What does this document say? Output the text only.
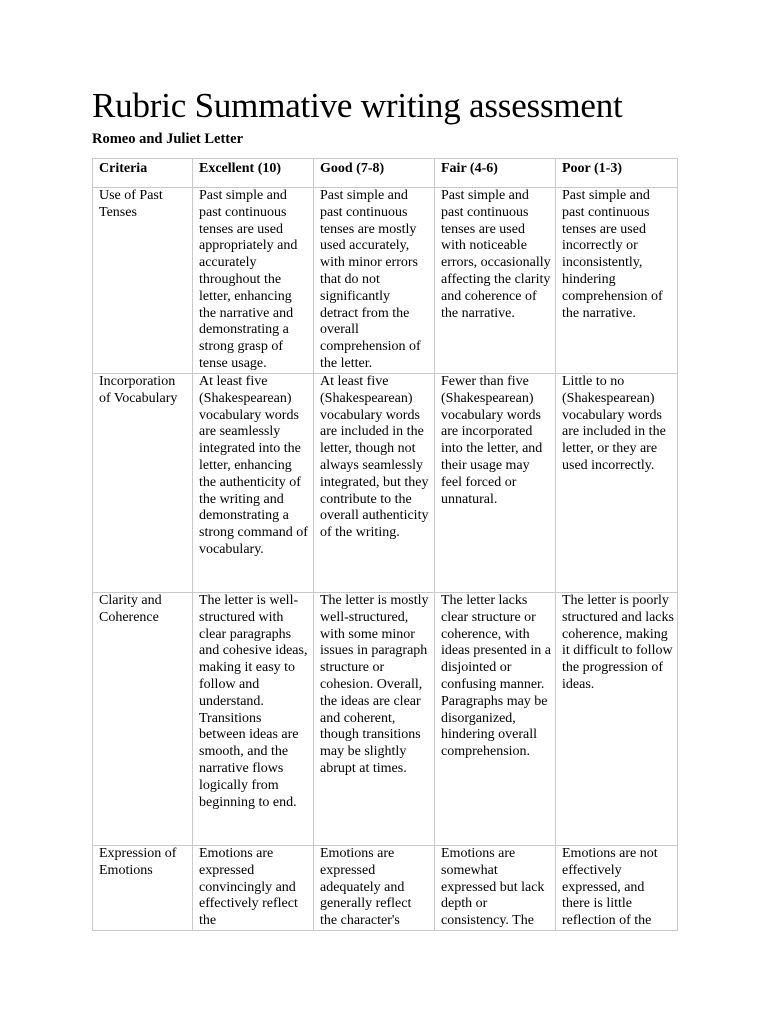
Rubric Summative writing assessment
Romeo and Juliet Letter
Criteria	Excellent (10)	Good (7-8)	Fair (4-6)	Poor (1-3)
Use of Past Tenses	Past simple and past continuous tenses are used appropriately and accurately throughout the letter, enhancing the narrative and demonstrating a strong grasp of tense usage.	Past simple and past continuous tenses are mostly used accurately, with minor errors that do not significantly detract from the overall comprehension of the letter.	Past simple and past continuous tenses are used with noticeable errors, occasionally affecting the clarity and coherence of the narrative.	Past simple and past continuous tenses are used incorrectly or inconsistently, hindering comprehension of the narrative.
Incorporation of Vocabulary	At least five (Shakespearean) vocabulary words are seamlessly integrated into the letter, enhancing the authenticity of the writing and demonstrating a strong command of vocabulary.	At least five (Shakespearean) vocabulary words are included in the letter, though not always seamlessly integrated, but they contribute to the overall authenticity of the writing.	Fewer than five (Shakespearean) vocabulary words are incorporated into the letter, and their usage may feel forced or unnatural.	Little to no (Shakespearean) vocabulary words are included in the letter, or they are used incorrectly.
Clarity and Coherence	The letter is well-structured with clear paragraphs and cohesive ideas, making it easy to follow and understand. Transitions between ideas are smooth, and the narrative flows logically from beginning to end.	The letter is mostly well-structured, with some minor issues in paragraph structure or cohesion. Overall, the ideas are clear and coherent, though transitions may be slightly abrupt at times.	The letter lacks clear structure or coherence, with ideas presented in a disjointed or confusing manner. Paragraphs may be disorganized, hindering overall comprehension.	The letter is poorly structured and lacks coherence, making it difficult to follow the progression of ideas.
Expression of Emotions	Emotions are expressed convincingly and effectively reflect the	Emotions are expressed adequately and generally reflect the character's	Emotions are somewhat expressed but lack depth or consistency. The	Emotions are not effectively expressed, and there is little reflection of the
